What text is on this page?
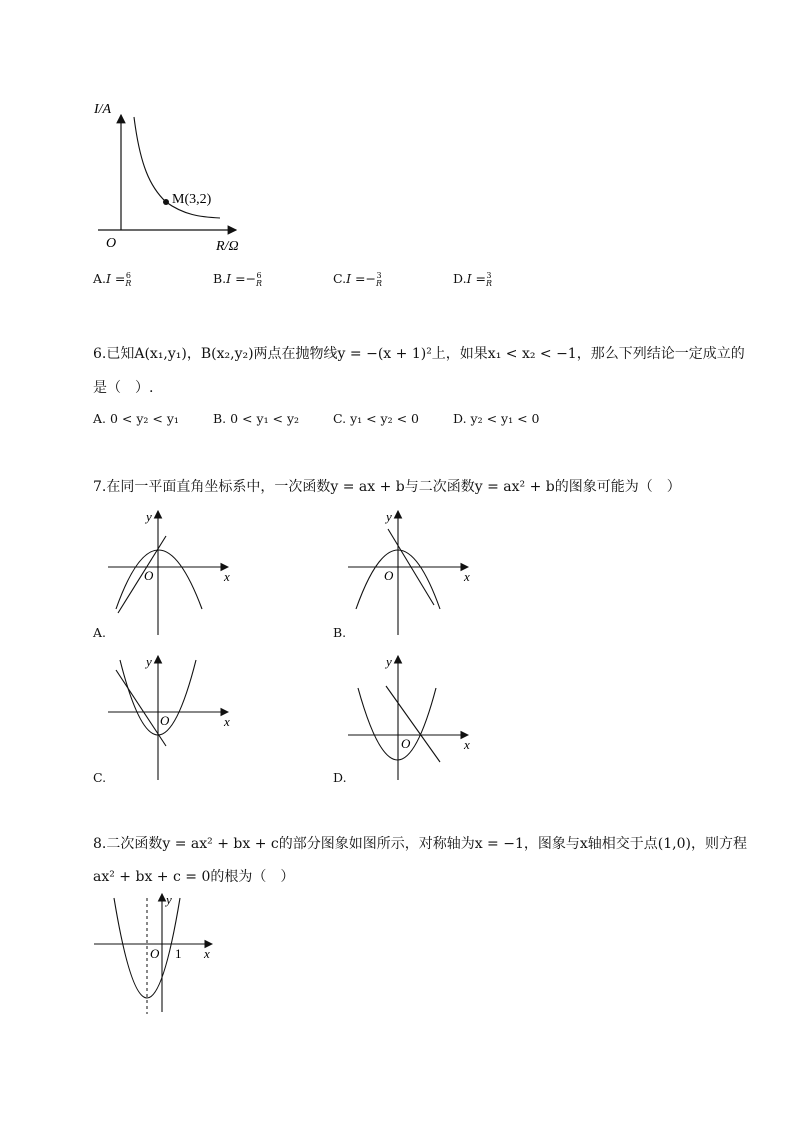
I/A
R/Ω
O
M(3,2)
A.I = 6
R	B.I =− 6
R	C.I =− 3
R	D.I = 3
R
6.已知A(x₁,y₁)，B(x₂,y₂)两点在抛物线y = −(x + 1)²上，如果x₁ < x₂ < −1，那么下列结论一定成立的
是（　）.
A. 0 < y₂ < y₁	B. 0 < y₁ < y₂	C. y₁ < y₂ < 0	D. y₂ < y₁ < 0
7.在同一平面直角坐标系中，一次函数y = ax + b与二次函数y = ax² + b的图象可能为（　）
y
x
O
A.
y
x
O
B.
y
x
O
C.
y
x
O
D.
8.二次函数y = ax² + bx + c的部分图象如图所示，对称轴为x = −1，图象与x轴相交于点(1,0)，则方程
ax² + bx + c = 0的根为（　）
y
x
O 1
